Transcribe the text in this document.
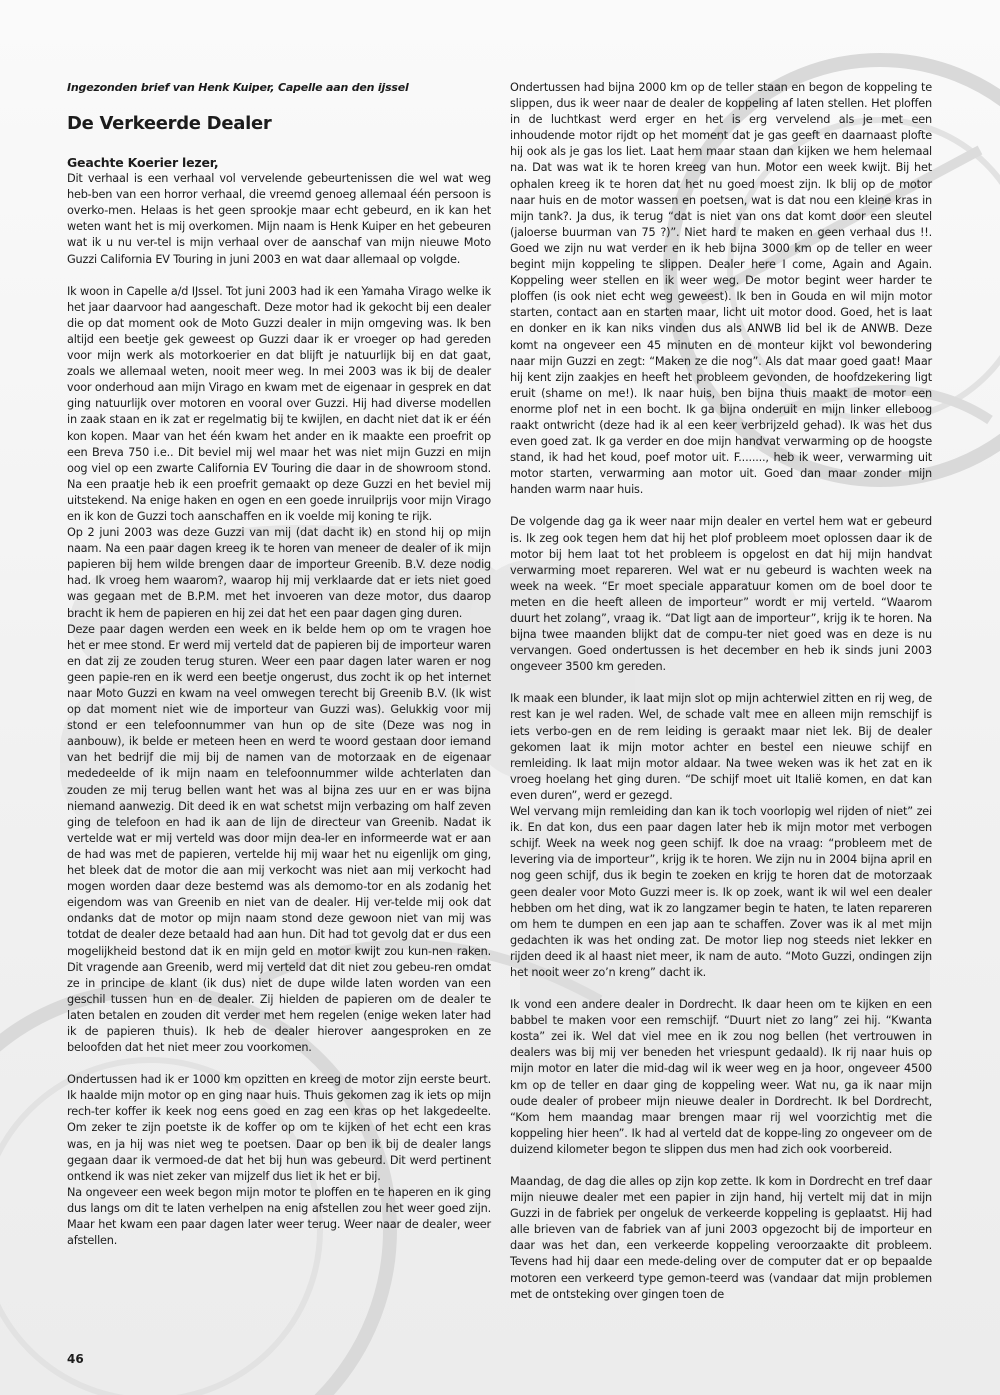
Ingezonden brief van Henk Kuiper, Capelle aan den ijssel

De Verkeerde Dealer

Geachte Koerier lezer,

Dit verhaal is een verhaal vol vervelende gebeurtenissen die wel wat weg heb-ben van een horror verhaal, die vreemd genoeg allemaal één persoon is overko-men. Helaas is het geen sprookje maar echt gebeurd, en ik kan het weten want het is mij overkomen. Mijn naam is Henk Kuiper en het gebeuren wat ik u nu ver-tel is mijn verhaal over de aanschaf van mijn nieuwe Moto Guzzi California EV Touring in juni 2003 en wat daar allemaal op volgde.

Ik woon in Capelle a/d IJssel. Tot juni 2003 had ik een Yamaha Virago welke ik het jaar daarvoor had aangeschaft. Deze motor had ik gekocht bij een dealer die op dat moment ook de Moto Guzzi dealer in mijn omgeving was. Ik ben altijd een beetje gek geweest op Guzzi daar ik er vroeger op had gereden voor mijn werk als motorkoerier en dat blijft je natuurlijk bij en dat gaat, zoals we allemaal weten, nooit meer weg. In mei 2003 was ik bij de dealer voor onderhoud aan mijn Virago en kwam met de eigenaar in gesprek en dat ging natuurlijk over motoren en vooral over Guzzi. Hij had diverse modellen in zaak staan en ik zat er regelmatig bij te kwijlen, en dacht niet dat ik er één kon kopen. Maar van het één kwam het ander en ik maakte een proefrit op een Breva 750 i.e.. Dit beviel mij wel maar het was niet mijn Guzzi en mijn oog viel op een zwarte California EV Touring die daar in de showroom stond. Na een praatje heb ik een proefrit gemaakt op deze Guzzi en het beviel mij uitstekend. Na enige haken en ogen en een goede inruilprijs voor mijn Virago en ik kon de Guzzi toch aanschaffen en ik voelde mij koning te rijk.

Op 2 juni 2003 was deze Guzzi van mij (dat dacht ik) en stond hij op mijn naam. Na een paar dagen kreeg ik te horen van meneer de dealer of ik mijn papieren bij hem wilde brengen daar de importeur Greenib. B.V. deze nodig had. Ik vroeg hem waarom?, waarop hij mij verklaarde dat er iets niet goed was gegaan met de B.P.M. met het invoeren van deze motor, dus daarop bracht ik hem de papieren en hij zei dat het een paar dagen ging duren.

Deze paar dagen werden een week en ik belde hem op om te vragen hoe het er mee stond. Er werd mij verteld dat de papieren bij de importeur waren en dat zij ze zouden terug sturen. Weer een paar dagen later waren er nog geen papie-ren en ik werd een beetje ongerust, dus zocht ik op het internet naar Moto Guzzi en kwam na veel omwegen terecht bij Greenib B.V. (Ik wist op dat moment niet wie de importeur van Guzzi was). Gelukkig voor mij stond er een telefoonnummer van hun op de site (Deze was nog in aanbouw), ik belde er meteen heen en werd te woord gestaan door iemand van het bedrijf die mij bij de namen van de motorzaak en de eigenaar mededeelde of ik mijn naam en telefoonnummer wilde achterlaten dan zouden ze mij terug bellen want het was al bijna zes uur en er was bijna niemand aanwezig. Dit deed ik en wat schetst mijn verbazing om half zeven ging de telefoon en had ik aan de lijn de directeur van Greenib. Nadat ik vertelde wat er mij verteld was door mijn dea-ler en informeerde wat er aan de had was met de papieren, vertelde hij mij waar het nu eigenlijk om ging, het bleek dat de motor die aan mij verkocht was niet aan mij verkocht had mogen worden daar deze bestemd was als demomo-tor en als zodanig het eigendom was van Greenib en niet van de dealer. Hij ver-telde mij ook dat ondanks dat de motor op mijn naam stond deze gewoon niet van mij was totdat de dealer deze betaald had aan hun. Dit had tot gevolg dat er dus een mogelijkheid bestond dat ik en mijn geld en motor kwijt zou kun-nen raken. Dit vragende aan Greenib, werd mij verteld dat dit niet zou gebeu-ren omdat ze in principe de klant (ik dus) niet de dupe wilde laten worden van een geschil tussen hun en de dealer. Zij hielden de papieren om de dealer te laten betalen en zouden dit verder met hem regelen (enige weken later had ik de papieren thuis). Ik heb de dealer hierover aangesproken en ze beloofden dat het niet meer zou voorkomen.

Ondertussen had ik er 1000 km opzitten en kreeg de motor zijn eerste beurt. Ik haalde mijn motor op en ging naar huis. Thuis gekomen zag ik iets op mijn rech-ter koffer ik keek nog eens goed en zag een kras op het lakgedeelte. Om zeker te zijn poetste ik de koffer op om te kijken of het echt een kras was, en ja hij was niet weg te poetsen. Daar op ben ik bij de dealer langs gegaan daar ik vermoed-de dat het bij hun was gebeurd. Dit werd pertinent ontkend ik was niet zeker van mijzelf dus liet ik het er bij.

Na ongeveer een week begon mijn motor te ploffen en te haperen en ik ging dus langs om dit te laten verhelpen na enig afstellen zou het weer goed zijn. Maar het kwam een paar dagen later weer terug. Weer naar de dealer, weer afstellen.

Ondertussen had bijna 2000 km op de teller staan en begon de koppeling te slippen, dus ik weer naar de dealer de koppeling af laten stellen. Het ploffen in de luchtkast werd erger en het is erg vervelend als je met een inhoudende motor rijdt op het moment dat je gas geeft en daarnaast plofte hij ook als je gas los liet. Laat hem maar staan dan kijken we hem helemaal na. Dat was wat ik te horen kreeg van hun. Motor een week kwijt. Bij het ophalen kreeg ik te horen dat het nu goed moest zijn. Ik blij op de motor naar huis en de motor wassen en poetsen, wat is dat nou een kleine kras in mijn tank?. Ja dus, ik terug “dat is niet van ons dat komt door een sleutel (jaloerse buurman van 75 ?)”. Niet hard te maken en geen verhaal dus !!. Goed we zijn nu wat verder en ik heb bijna 3000 km op de teller en weer begint mijn koppeling te slippen. Dealer here I come, Again and Again. Koppeling weer stellen en ik weer weg. De motor begint weer harder te ploffen (is ook niet echt weg geweest). Ik ben in Gouda en wil mijn motor starten, contact aan en starten maar, licht uit motor dood. Goed, het is laat en donker en ik kan niks vinden dus als ANWB lid bel ik de ANWB. Deze komt na ongeveer een 45 minuten en de monteur kijkt vol bewondering naar mijn Guzzi en zegt: “Maken ze die nog”. Als dat maar goed gaat! Maar hij kent zijn zaakjes en heeft het probleem gevonden, de hoofdzekering ligt eruit (shame on me!). Ik naar huis, ben bijna thuis maakt de motor een enorme plof net in een bocht. Ik ga bijna onderuit en mijn linker elleboog raakt ontwricht (deze had ik al een keer verbrijzeld gehad). Ik was het dus even goed zat. Ik ga verder en doe mijn handvat verwarming op de hoogste stand, ik had het koud, poef motor uit. F........, heb ik weer, verwarming uit motor starten, verwarming aan motor uit. Goed dan maar zonder mijn handen warm naar huis.

De volgende dag ga ik weer naar mijn dealer en vertel hem wat er gebeurd is. Ik zeg ook tegen hem dat hij het plof probleem moet oplossen daar ik de motor bij hem laat tot het probleem is opgelost en dat hij mijn handvat verwarming moet repareren. Wel wat er nu gebeurd is wachten week na week na week. “Er moet speciale apparatuur komen om de boel door te meten en die heeft alleen de importeur” wordt er mij verteld. “Waarom duurt het zolang”, vraag ik. “Dat ligt aan de importeur”, krijg ik te horen. Na bijna twee maanden blijkt dat de compu-ter niet goed was en deze is nu vervangen. Goed ondertussen is het december en heb ik sinds juni 2003 ongeveer 3500 km gereden.

Ik maak een blunder, ik laat mijn slot op mijn achterwiel zitten en rij weg, de rest kan je wel raden. Wel, de schade valt mee en alleen mijn remschijf is iets verbo-gen en de rem leiding is geraakt maar niet lek. Bij de dealer gekomen laat ik mijn motor achter en bestel een nieuwe schijf en remleiding. Ik laat mijn motor aldaar. Na twee weken was ik het zat en ik vroeg hoelang het ging duren. “De schijf moet uit Italië komen, en dat kan even duren”, werd er gezegd.

Wel vervang mijn remleiding dan kan ik toch voorlopig wel rijden of niet” zei ik. En dat kon, dus een paar dagen later heb ik mijn motor met verbogen schijf. Week na week nog geen schijf. Ik doe na vraag: “probleem met de levering via de importeur”, krijg ik te horen. We zijn nu in 2004 bijna april en nog geen schijf, dus ik begin te zoeken en krijg te horen dat de motorzaak geen dealer voor Moto Guzzi meer is. Ik op zoek, want ik wil wel een dealer hebben om het ding, wat ik zo langzamer begin te haten, te laten repareren om hem te dumpen en een jap aan te schaffen. Zover was ik al met mijn gedachten ik was het onding zat. De motor liep nog steeds niet lekker en rijden deed ik al haast niet meer, ik nam de auto. “Moto Guzzi, ondingen zijn het nooit weer zo’n kreng” dacht ik.

Ik vond een andere dealer in Dordrecht. Ik daar heen om te kijken en een babbel te maken voor een remschijf. “Duurt niet zo lang” zei hij. “Kwanta kosta” zei ik. Wel dat viel mee en ik zou nog bellen (het vertrouwen in dealers was bij mij ver beneden het vriespunt gedaald). Ik rij naar huis op mijn motor en later die mid-dag wil ik weer weg en ja hoor, ongeveer 4500 km op de teller en daar ging de koppeling weer. Wat nu, ga ik naar mijn oude dealer of probeer mijn nieuwe dealer in Dordrecht. Ik bel Dordrecht, “Kom hem maandag maar brengen maar rij wel voorzichtig met die koppeling hier heen”. Ik had al verteld dat de koppe-ling zo ongeveer om de duizend kilometer begon te slippen dus men had zich ook voorbereid.

Maandag, de dag die alles op zijn kop zette. Ik kom in Dordrecht en tref daar mijn nieuwe dealer met een papier in zijn hand, hij vertelt mij dat in mijn Guzzi in de fabriek per ongeluk de verkeerde koppeling is geplaatst. Hij had alle brieven van de fabriek van af juni 2003 opgezocht bij de importeur en daar was het dan, een verkeerde koppeling veroorzaakte dit probleem. Tevens had hij daar een mede-deling over de computer dat er op bepaalde motoren een verkeerd type gemon-teerd was (vandaar dat mijn problemen met de ontsteking over gingen toen de

46
